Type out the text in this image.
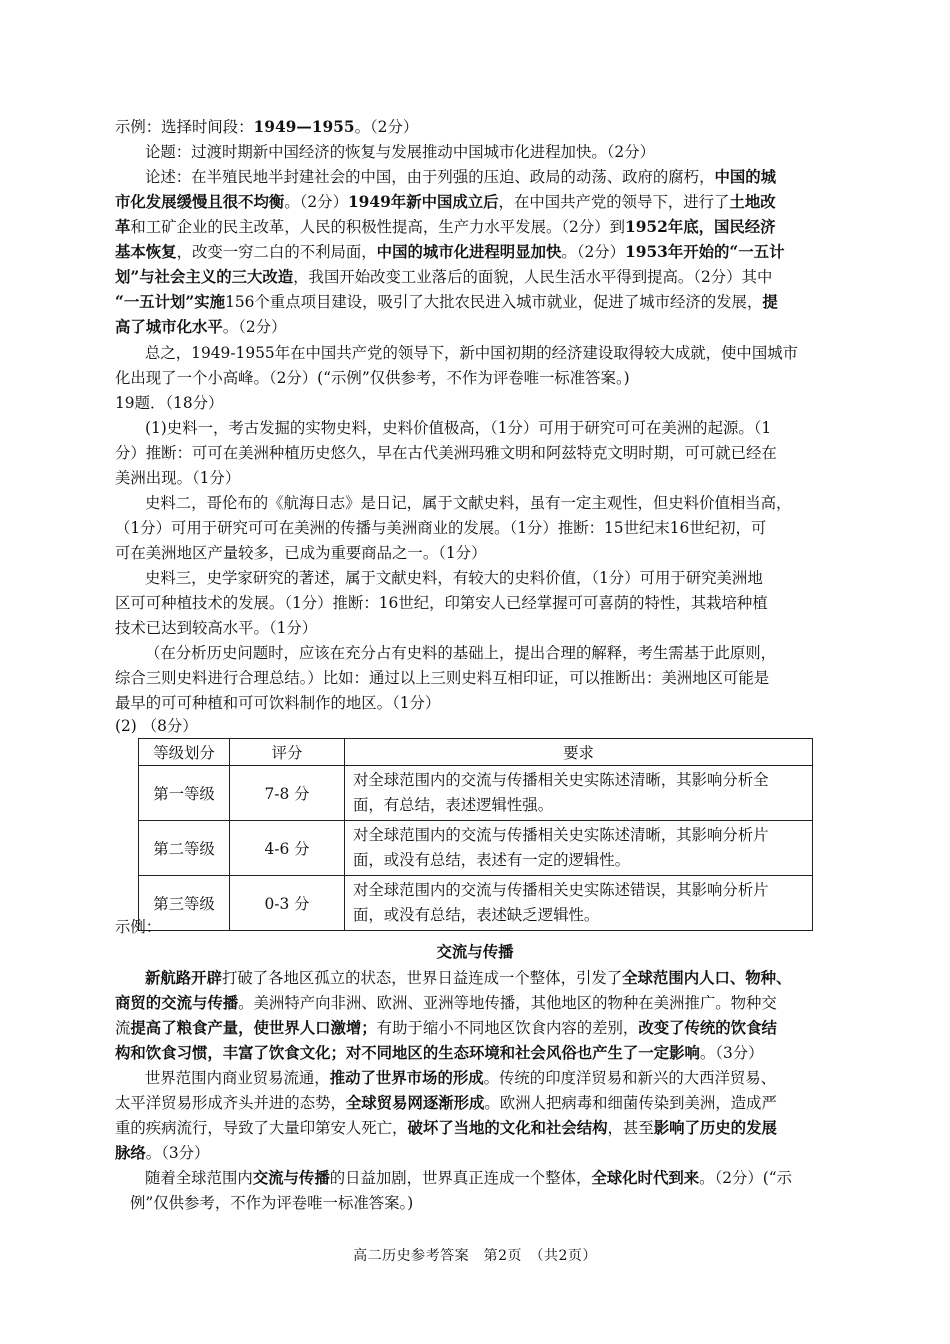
示例：选择时间段：1949—1955。（2分）
论题：过渡时期新中国经济的恢复与发展推动中国城市化进程加快。（2分）
论述：在半殖民地半封建社会的中国，由于列强的压迫、政局的动荡、政府的腐朽，中国的城
市化发展缓慢且很不均衡。（2分）1949年新中国成立后，在中国共产党的领导下，进行了土地改
革和工矿企业的民主改革，人民的积极性提高，生产力水平发展。（2分）到1952年底，国民经济
基本恢复，改变一穷二白的不利局面，中国的城市化进程明显加快。（2分）1953年开始的“一五计
划”与社会主义的三大改造，我国开始改变工业落后的面貌，人民生活水平得到提高。（2分）其中
“一五计划”实施156个重点项目建设，吸引了大批农民进入城市就业，促进了城市经济的发展，提
高了城市化水平。（2分）
总之，1949-1955年在中国共产党的领导下，新中国初期的经济建设取得较大成就，使中国城市
化出现了一个小高峰。（2分）(“示例”仅供参考，不作为评卷唯一标准答案。)
19题．（18分）
(1)史料一，考古发掘的实物史料，史料价值极高，（1分）可用于研究可可在美洲的起源。（1
分）推断：可可在美洲种植历史悠久，早在古代美洲玛雅文明和阿兹特克文明时期，可可就已经在
美洲出现。（1分）
史料二，哥伦布的《航海日志》是日记，属于文献史料，虽有一定主观性，但史料价值相当高，
（1分）可用于研究可可在美洲的传播与美洲商业的发展。（1分）推断：15世纪末16世纪初，可
可在美洲地区产量较多，已成为重要商品之一。（1分）
史料三，史学家研究的著述，属于文献史料，有较大的史料价值，（1分）可用于研究美洲地
区可可种植技术的发展。（1分）推断：16世纪，印第安人已经掌握可可喜荫的特性，其栽培种植
技术已达到较高水平。（1分）
（在分析历史问题时，应该在充分占有史料的基础上，提出合理的解释，考生需基于此原则，
综合三则史料进行合理总结。）比如：通过以上三则史料互相印证，可以推断出：美洲地区可能是
最早的可可种植和可可饮料制作的地区。（1分）
(2) （8分）
等级划分	评分	要求
第一等级	7-8 分	对全球范围内的交流与传播相关史实陈述清晰，其影响分析全
面，有总结，表述逻辑性强。

第二等级	4-6 分	对全球范围内的交流与传播相关史实陈述清晰，其影响分析片
面，或没有总结，表述有一定的逻辑性。

第三等级	0-3 分	对全球范围内的交流与传播相关史实陈述错误，其影响分析片
面，或没有总结，表述缺乏逻辑性。
示例：
交流与传播
新航路开辟打破了各地区孤立的状态，世界日益连成一个整体，引发了全球范围内人口、物种、
商贸的交流与传播。美洲特产向非洲、欧洲、亚洲等地传播，其他地区的物种在美洲推广。物种交
流提高了粮食产量，使世界人口激增；有助于缩小不同地区饮食内容的差别，改变了传统的饮食结
构和饮食习惯，丰富了饮食文化；对不同地区的生态环境和社会风俗也产生了一定影响。（3分）
世界范围内商业贸易流通，推动了世界市场的形成。传统的印度洋贸易和新兴的大西洋贸易、
太平洋贸易形成齐头并进的态势，全球贸易网逐渐形成。欧洲人把病毒和细菌传染到美洲，造成严
重的疾病流行，导致了大量印第安人死亡，破坏了当地的文化和社会结构，甚至影响了历史的发展
脉络。（3分）
随着全球范围内交流与传播的日益加剧，世界真正连成一个整体，全球化时代到来。（2分）(“示
例”仅供参考，不作为评卷唯一标准答案。)
高二历史参考答案　第2页　（共2页）
